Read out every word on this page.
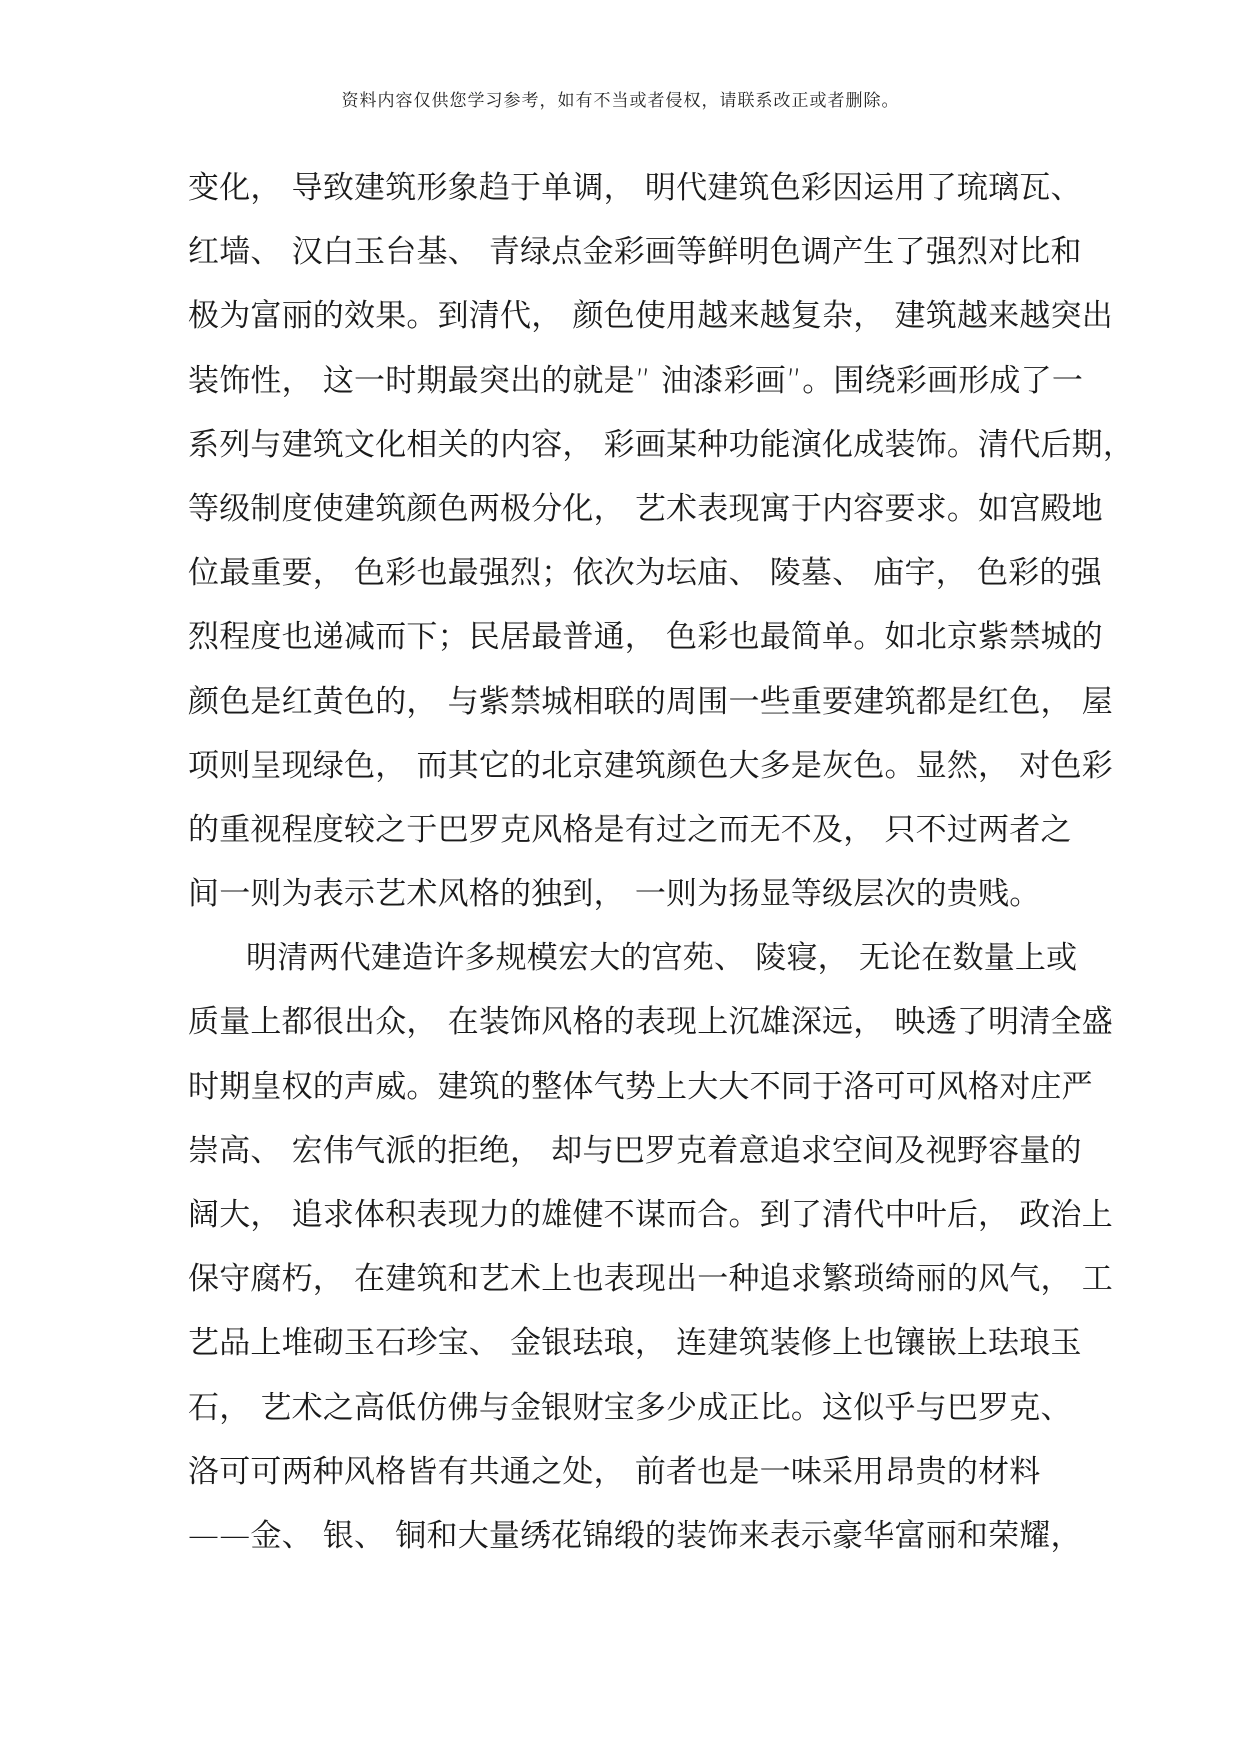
资料内容仅供您学习参考，如有不当或者侵权，请联系改正或者删除。
变化， 导致建筑形象趋于单调， 明代建筑色彩因运用了琉璃瓦、
红墙、 汉白玉台基、 青绿点金彩画等鲜明色调产生了强烈对比和
极为富丽的效果。到清代， 颜色使用越来越复杂， 建筑越来越突出
装饰性， 这一时期最突出的就是” 油漆彩画”。围绕彩画形成了一
系列与建筑文化相关的内容， 彩画某种功能演化成装饰。清代后期，
等级制度使建筑颜色两极分化， 艺术表现寓于内容要求。如宫殿地
位最重要， 色彩也最强烈；依次为坛庙、 陵墓、 庙宇， 色彩的强
烈程度也递减而下；民居最普通， 色彩也最简单。如北京紫禁城的
颜色是红黄色的， 与紫禁城相联的周围一些重要建筑都是红色， 屋
项则呈现绿色， 而其它的北京建筑颜色大多是灰色。显然， 对色彩
的重视程度较之于巴罗克风格是有过之而无不及， 只不过两者之
间一则为表示艺术风格的独到， 一则为扬显等级层次的贵贱。
明清两代建造许多规模宏大的宫苑、 陵寝， 无论在数量上或
质量上都很出众， 在装饰风格的表现上沉雄深远， 映透了明清全盛
时期皇权的声威。建筑的整体气势上大大不同于洛可可风格对庄严
崇高、 宏伟气派的拒绝， 却与巴罗克着意追求空间及视野容量的
阔大， 追求体积表现力的雄健不谋而合。到了清代中叶后， 政治上
保守腐朽， 在建筑和艺术上也表现出一种追求繁琐绮丽的风气， 工
艺品上堆砌玉石珍宝、 金银珐琅， 连建筑装修上也镶嵌上珐琅玉
石， 艺术之高低仿佛与金银财宝多少成正比。这似乎与巴罗克、
洛可可两种风格皆有共通之处， 前者也是一味采用昂贵的材料
——金、 银、 铜和大量绣花锦缎的装饰来表示豪华富丽和荣耀，
